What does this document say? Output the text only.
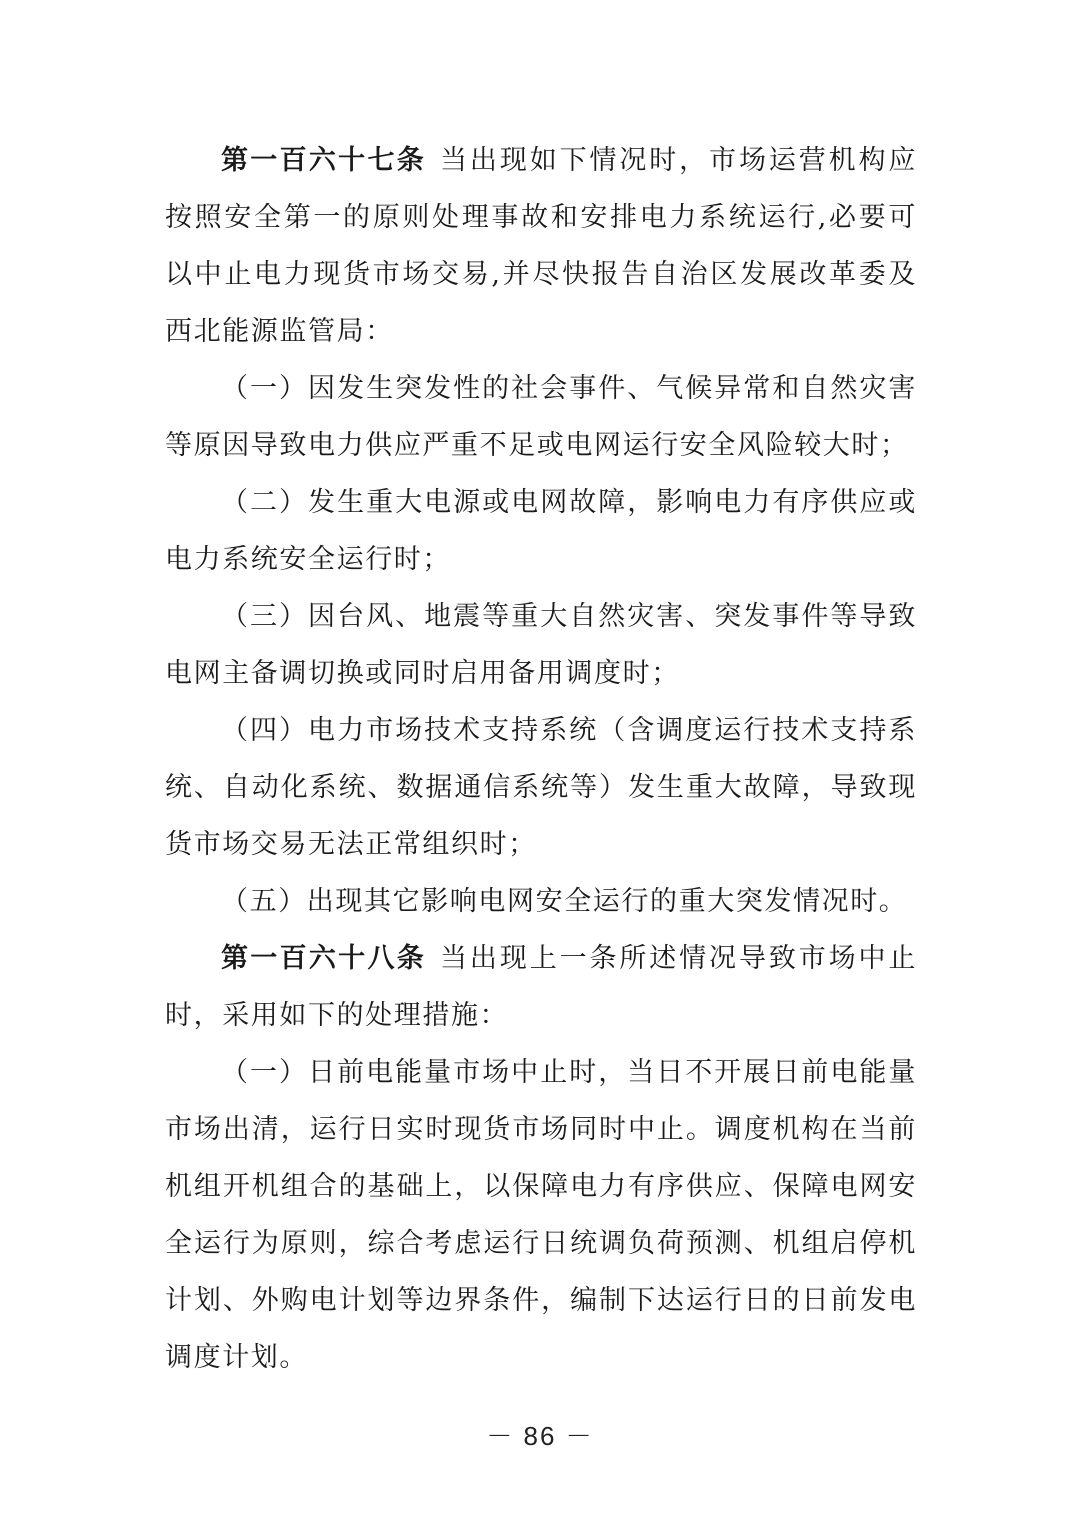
第一百六十七条 当出现如下情况时，市场运营机构应按照安全第一的原则处理事故和安排电力系统运行,必要可以中止电力现货市场交易,并尽快报告自治区发展改革委及西北能源监管局：

（一）因发生突发性的社会事件、气候异常和自然灾害等原因导致电力供应严重不足或电网运行安全风险较大时；

（二）发生重大电源或电网故障，影响电力有序供应或电力系统安全运行时；

（三）因台风、地震等重大自然灾害、突发事件等导致电网主备调切换或同时启用备用调度时；

（四）电力市场技术支持系统（含调度运行技术支持系统、自动化系统、数据通信系统等）发生重大故障，导致现货市场交易无法正常组织时；

（五）出现其它影响电网安全运行的重大突发情况时。

第一百六十八条 当出现上一条所述情况导致市场中止时，采用如下的处理措施：

（一）日前电能量市场中止时，当日不开展日前电能量市场出清，运行日实时现货市场同时中止。调度机构在当前机组开机组合的基础上，以保障电力有序供应、保障电网安全运行为原则，综合考虑运行日统调负荷预测、机组启停机计划、外购电计划等边界条件，编制下达运行日的日前发电调度计划。

－ 86 －
